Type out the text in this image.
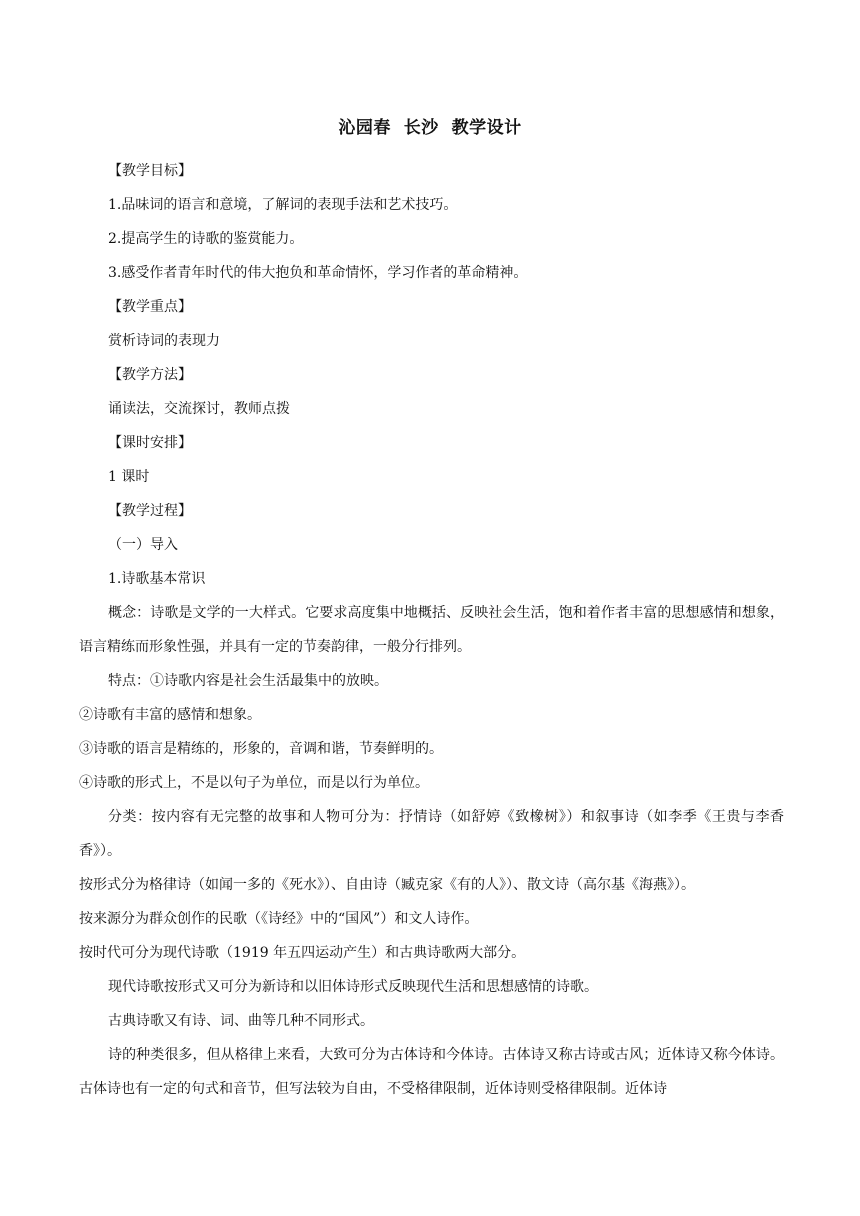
沁园春  长沙  教学设计

【教学目标】

1.品味词的语言和意境，了解词的表现手法和艺术技巧。

2.提高学生的诗歌的鉴赏能力。

3.感受作者青年时代的伟大抱负和革命情怀，学习作者的革命精神。

【教学重点】

赏析诗词的表现力

【教学方法】

诵读法，交流探讨，教师点拨

【课时安排】

1 课时

【教学过程】

（一）导入

1.诗歌基本常识

概念：诗歌是文学的一大样式。它要求高度集中地概括、反映社会生活，饱和着作者丰富的思想感情和想象，语言精练而形象性强，并具有一定的节奏韵律，一般分行排列。

特点：①诗歌内容是社会生活最集中的放映。

②诗歌有丰富的感情和想象。

③诗歌的语言是精练的，形象的，音调和谐，节奏鲜明的。

④诗歌的形式上，不是以句子为单位，而是以行为单位。

分类：按内容有无完整的故事和人物可分为：抒情诗（如舒婷《致橡树》）和叙事诗（如李季《王贵与李香香》）。

按形式分为格律诗（如闻一多的《死水》）、自由诗（臧克家《有的人》）、散文诗（高尔基《海燕》）。

按来源分为群众创作的民歌（《诗经》中的“国风”）和文人诗作。

按时代可分为现代诗歌（1919 年五四运动产生）和古典诗歌两大部分。

现代诗歌按形式又可分为新诗和以旧体诗形式反映现代生活和思想感情的诗歌。

古典诗歌又有诗、词、曲等几种不同形式。

诗的种类很多，但从格律上来看，大致可分为古体诗和今体诗。古体诗又称古诗或古风；近体诗又称今体诗。古体诗也有一定的句式和音节，但写法较为自由，不受格律限制，近体诗则受格律限制。近体诗
